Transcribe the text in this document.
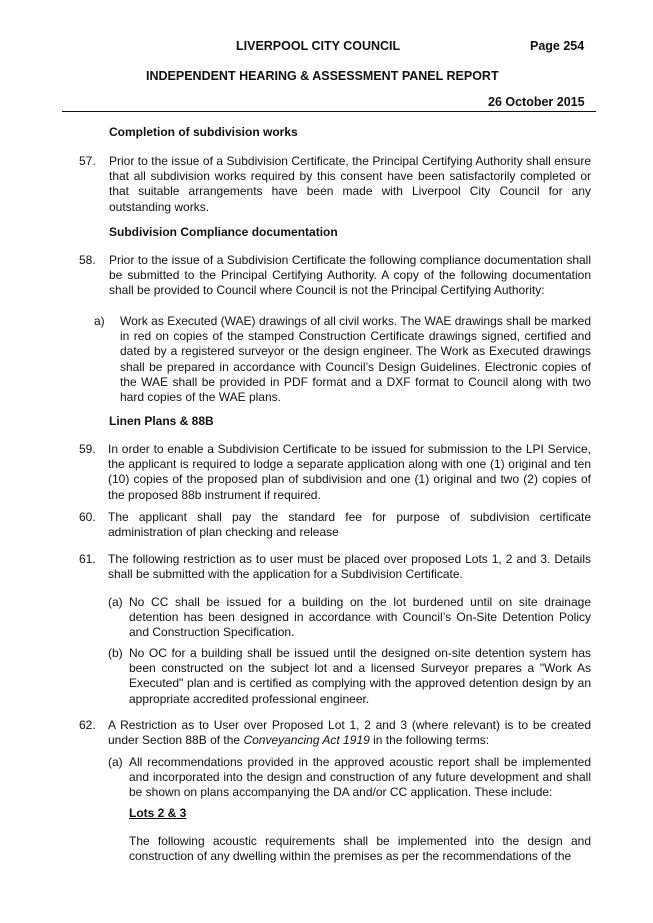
LIVERPOOL CITY COUNCIL	Page 254
INDEPENDENT HEARING & ASSESSMENT PANEL REPORT
26 October 2015
Completion of subdivision works
57. Prior to the issue of a Subdivision Certificate, the Principal Certifying Authority shall ensure that all subdivision works required by this consent have been satisfactorily completed or that suitable arrangements have been made with Liverpool City Council for any outstanding works.
Subdivision Compliance documentation
58. Prior to the issue of a Subdivision Certificate the following compliance documentation shall be submitted to the Principal Certifying Authority. A copy of the following documentation shall be provided to Council where Council is not the Principal Certifying Authority:
a) Work as Executed (WAE) drawings of all civil works. The WAE drawings shall be marked in red on copies of the stamped Construction Certificate drawings signed, certified and dated by a registered surveyor or the design engineer. The Work as Executed drawings shall be prepared in accordance with Council’s Design Guidelines. Electronic copies of the WAE shall be provided in PDF format and a DXF format to Council along with two hard copies of the WAE plans.
Linen Plans & 88B
59. In order to enable a Subdivision Certificate to be issued for submission to the LPI Service, the applicant is required to lodge a separate application along with one (1) original and ten (10) copies of the proposed plan of subdivision and one (1) original and two (2) copies of the proposed 88b instrument if required.
60. The applicant shall pay the standard fee for purpose of subdivision certificate administration of plan checking and release
61. The following restriction as to user must be placed over proposed Lots 1, 2 and 3. Details shall be submitted with the application for a Subdivision Certificate.
(a) No CC shall be issued for a building on the lot burdened until on site drainage detention has been designed in accordance with Council’s On-Site Detention Policy and Construction Specification.
(b) No OC for a building shall be issued until the designed on-site detention system has been constructed on the subject lot and a licensed Surveyor prepares a "Work As Executed" plan and is certified as complying with the approved detention design by an appropriate accredited professional engineer.
62. A Restriction as to User over Proposed Lot 1, 2 and 3 (where relevant) is to be created under Section 88B of the Conveyancing Act 1919 in the following terms:
(a) All recommendations provided in the approved acoustic report shall be implemented and incorporated into the design and construction of any future development and shall be shown on plans accompanying the DA and/or CC application. These include:
Lots 2 & 3
The following acoustic requirements shall be implemented into the design and construction of any dwelling within the premises as per the recommendations of the
